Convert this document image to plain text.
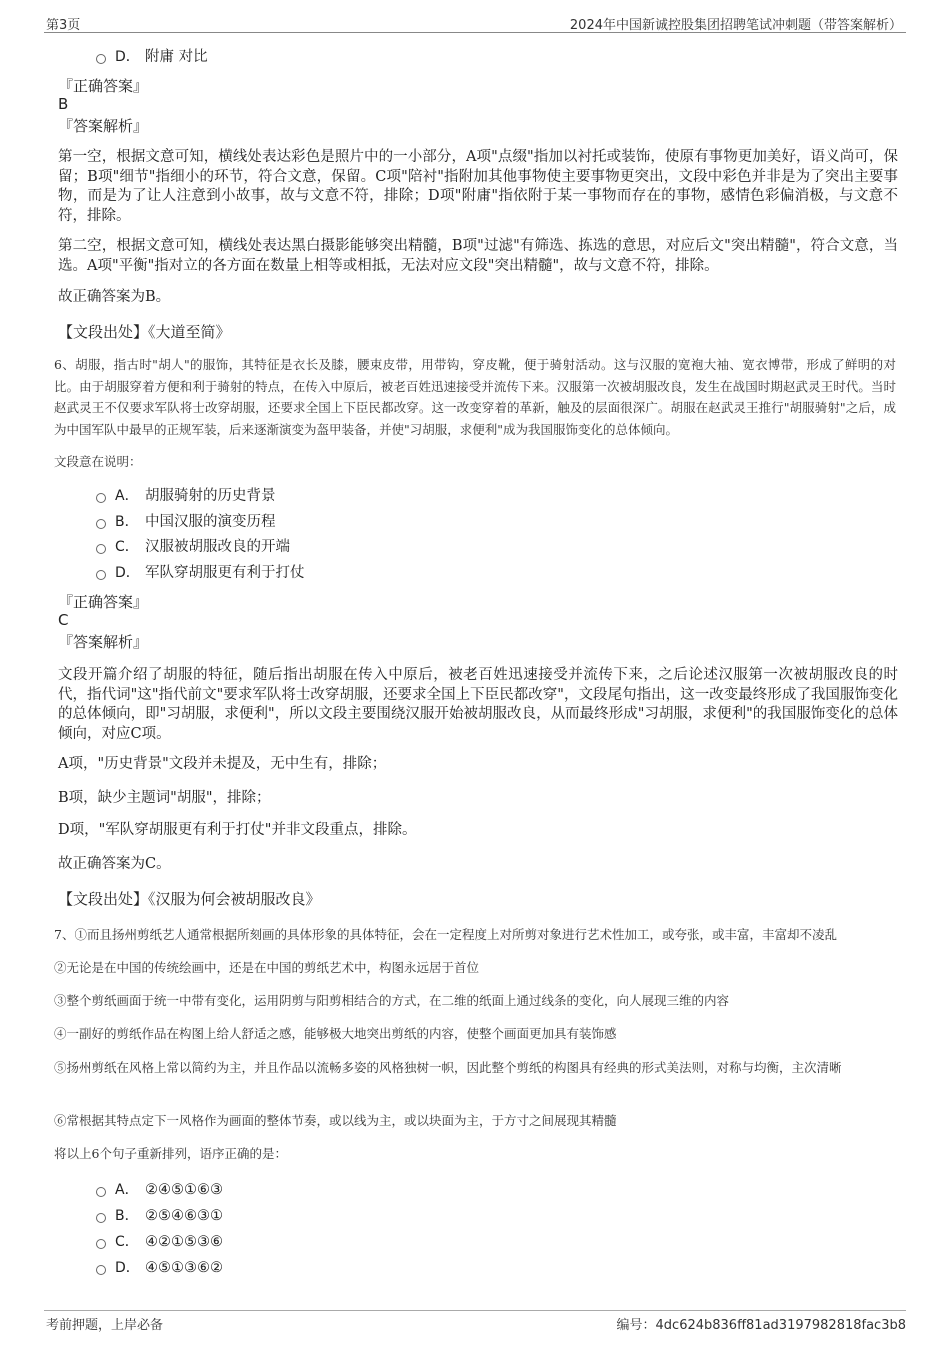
第3页	2024年中国新诚控股集团招聘笔试冲刺题（带答案解析）
D． 附庸 对比
『正确答案』
B
『答案解析』
第一空，根据文意可知，横线处表达彩色是照片中的一小部分，A项"点缀"指加以衬托或装饰，使原有事物更加美好，语义尚可，保留；B项"细节"指细小的环节，符合文意，保留。C项"陪衬"指附加其他事物使主要事物更突出，文段中彩色并非是为了突出主要事物，而是为了让人注意到小故事，故与文意不符，排除；D项"附庸"指依附于某一事物而存在的事物，感情色彩偏消极，与文意不符，排除。
第二空，根据文意可知，横线处表达黑白摄影能够突出精髓，B项"过滤"有筛选、拣选的意思，对应后文"突出精髓"，符合文意，当选。A项"平衡"指对立的各方面在数量上相等或相抵，无法对应文段"突出精髓"，故与文意不符，排除。
故正确答案为B。
【文段出处】《大道至简》
6、胡服，指古时"胡人"的服饰，其特征是衣长及膝，腰束皮带，用带钩，穿皮靴，便于骑射活动。这与汉服的宽袍大袖、宽衣博带，形成了鲜明的对比。由于胡服穿着方便和利于骑射的特点，在传入中原后，被老百姓迅速接受并流传下来。汉服第一次被胡服改良，发生在战国时期赵武灵王时代。当时赵武灵王不仅要求军队将士改穿胡服，还要求全国上下臣民都改穿。这一改变穿着的革新，触及的层面很深广。胡服在赵武灵王推行"胡服骑射"之后，成为中国军队中最早的正规军装，后来逐渐演变为盔甲装备，并使"习胡服，求便利"成为我国服饰变化的总体倾向。
文段意在说明：
A． 胡服骑射的历史背景
B． 中国汉服的演变历程
C． 汉服被胡服改良的开端
D． 军队穿胡服更有利于打仗
『正确答案』
C
『答案解析』
文段开篇介绍了胡服的特征，随后指出胡服在传入中原后，被老百姓迅速接受并流传下来，之后论述汉服第一次被胡服改良的时代，指代词"这"指代前文"要求军队将士改穿胡服，还要求全国上下臣民都改穿"，文段尾句指出，这一改变最终形成了我国服饰变化的总体倾向，即"习胡服，求便利"，所以文段主要围绕汉服开始被胡服改良，从而最终形成"习胡服，求便利"的我国服饰变化的总体倾向，对应C项。
A项，"历史背景"文段并未提及，无中生有，排除；
B项，缺少主题词"胡服"，排除；
D项，"军队穿胡服更有利于打仗"并非文段重点，排除。
故正确答案为C。
【文段出处】《汉服为何会被胡服改良》
7、①而且扬州剪纸艺人通常根据所刻画的具体形象的具体特征，会在一定程度上对所剪对象进行艺术性加工，或夸张，或丰富，丰富却不凌乱
②无论是在中国的传统绘画中，还是在中国的剪纸艺术中，构图永远居于首位
③整个剪纸画面于统一中带有变化，运用阴剪与阳剪相结合的方式，在二维的纸面上通过线条的变化，向人展现三维的内容
④一副好的剪纸作品在构图上给人舒适之感，能够极大地突出剪纸的内容，使整个画面更加具有装饰感
⑤扬州剪纸在风格上常以简约为主，并且作品以流畅多姿的风格独树一帜，因此整个剪纸的构图具有经典的形式美法则，对称与均衡，主次清晰
⑥常根据其特点定下一风格作为画面的整体节奏，或以线为主，或以块面为主，于方寸之间展现其精髓
将以上6个句子重新排列，语序正确的是：
A． ②④⑤①⑥③
B． ②⑤④⑥③①
C． ④②①⑤③⑥
D． ④⑤①③⑥②
考前押题，上岸必备	编号：4dc624b836ff81ad3197982818fac3b8
